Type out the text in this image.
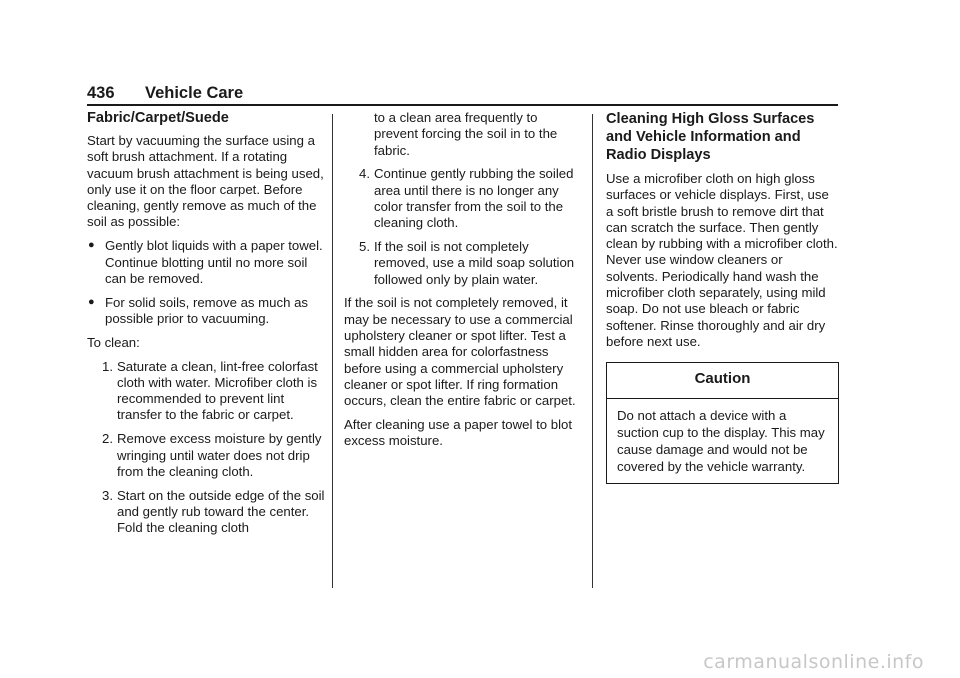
436 Vehicle Care
Fabric/Carpet/Suede

Start by vacuuming the surface using a soft brush attachment. If a rotating vacuum brush attachment is being used, only use it on the floor carpet. Before cleaning, gently remove as much of the soil as possible:

● Gently blot liquids with a paper towel. Continue blotting until no more soil can be removed.
● For solid soils, remove as much as possible prior to vacuuming.

To clean:

1. Saturate a clean, lint-free colorfast cloth with water. Microfiber cloth is recommended to prevent lint transfer to the fabric or carpet.
2. Remove excess moisture by gently wringing until water does not drip from the cleaning cloth.
3. Start on the outside edge of the soil and gently rub toward the center. Fold the cleaning cloth
to a clean area frequently to prevent forcing the soil in to the fabric.
4. Continue gently rubbing the soiled area until there is no longer any color transfer from the soil to the cleaning cloth.
5. If the soil is not completely removed, use a mild soap solution followed only by plain water.

If the soil is not completely removed, it may be necessary to use a commercial upholstery cleaner or spot lifter. Test a small hidden area for colorfastness before using a commercial upholstery cleaner or spot lifter. If ring formation occurs, clean the entire fabric or carpet.

After cleaning use a paper towel to blot excess moisture.

Cleaning High Gloss Surfaces and Vehicle Information and Radio Displays

Use a microfiber cloth on high gloss surfaces or vehicle displays. First, use a soft bristle brush to remove dirt that can scratch the surface. Then gently clean by rubbing with a microfiber cloth. Never use window cleaners or solvents. Periodically hand wash the microfiber cloth separately, using mild soap. Do not use bleach or fabric softener. Rinse thoroughly and air dry before next use.

Caution
Do not attach a device with a suction cup to the display. This may cause damage and would not be covered by the vehicle warranty.
carmanualsonline.info
